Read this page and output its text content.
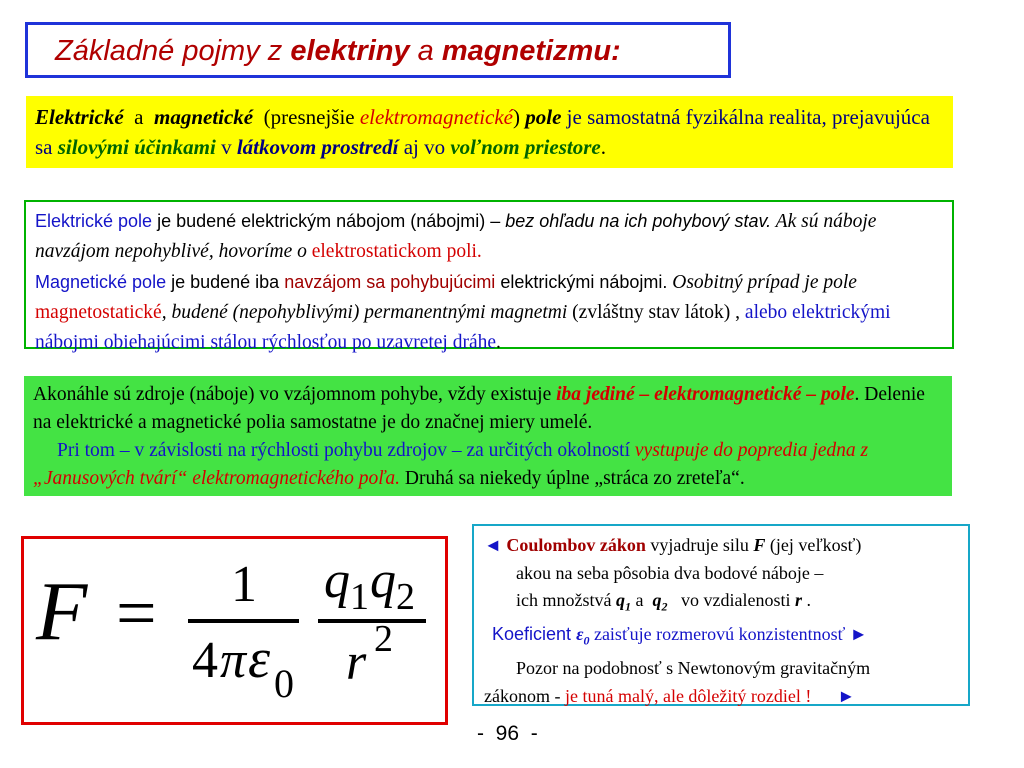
Základné pojmy z elektriny a magnetizmu:
Elektrické  a  magnetické  (presnejšie elektromagnetické) pole je samostatná fyzikálna realita, prejavujúca sa silovými účinkami v látkovom prostredí aj vo voľnom priestore.
Elektrické pole je budené elektrickým nábojom (nábojmi) – bez ohľadu na ich pohybový stav. Ak sú náboje navzájom nepohyblivé, hovoríme o elektrostatickom poli.
Magnetické pole je budené iba navzájom sa pohybujúcimi elektrickými nábojmi. Osobitný prípad je pole magnetostatické, budené (nepohyblivými) permanentnými magnetmi (zvláštny stav látok) , alebo elektrickými nábojmi obiehajúcimi stálou rýchlosťou po uzavretej dráhe.
Akonáhle sú zdroje (náboje) vo vzájomnom pohybe, vždy existuje iba jediné – elektromagnetické – pole. Delenie na elektrické a magnetické polia samostatne je do značnej miery umelé.
Pri tom – v závislosti na rýchlosti pohybu zdrojov – za určitých okolností vystupuje do popredia jedna z „Janusových tvárí“ elektromagnetického poľa. Druhá sa niekedy úplne „stráca zo zreteľa“.
F = 1
4 π ε 0
q 1 q 2
r 2
◄ Coulombov zákon vyjadruje silu F (jej veľkosť)
akou na seba pôsobia dva bodové náboje –
ich množstvá $q_1$ a  $q_2$   vo vzdialenosti r .
Koeficient $\varepsilon_0$ zaisťuje rozmerovú konzistentnosť ►
Pozor na podobnosť s Newtonovým gravitačným
zákonom - je tuná malý, ale dôležitý rozdiel ! ►
-  96  -
